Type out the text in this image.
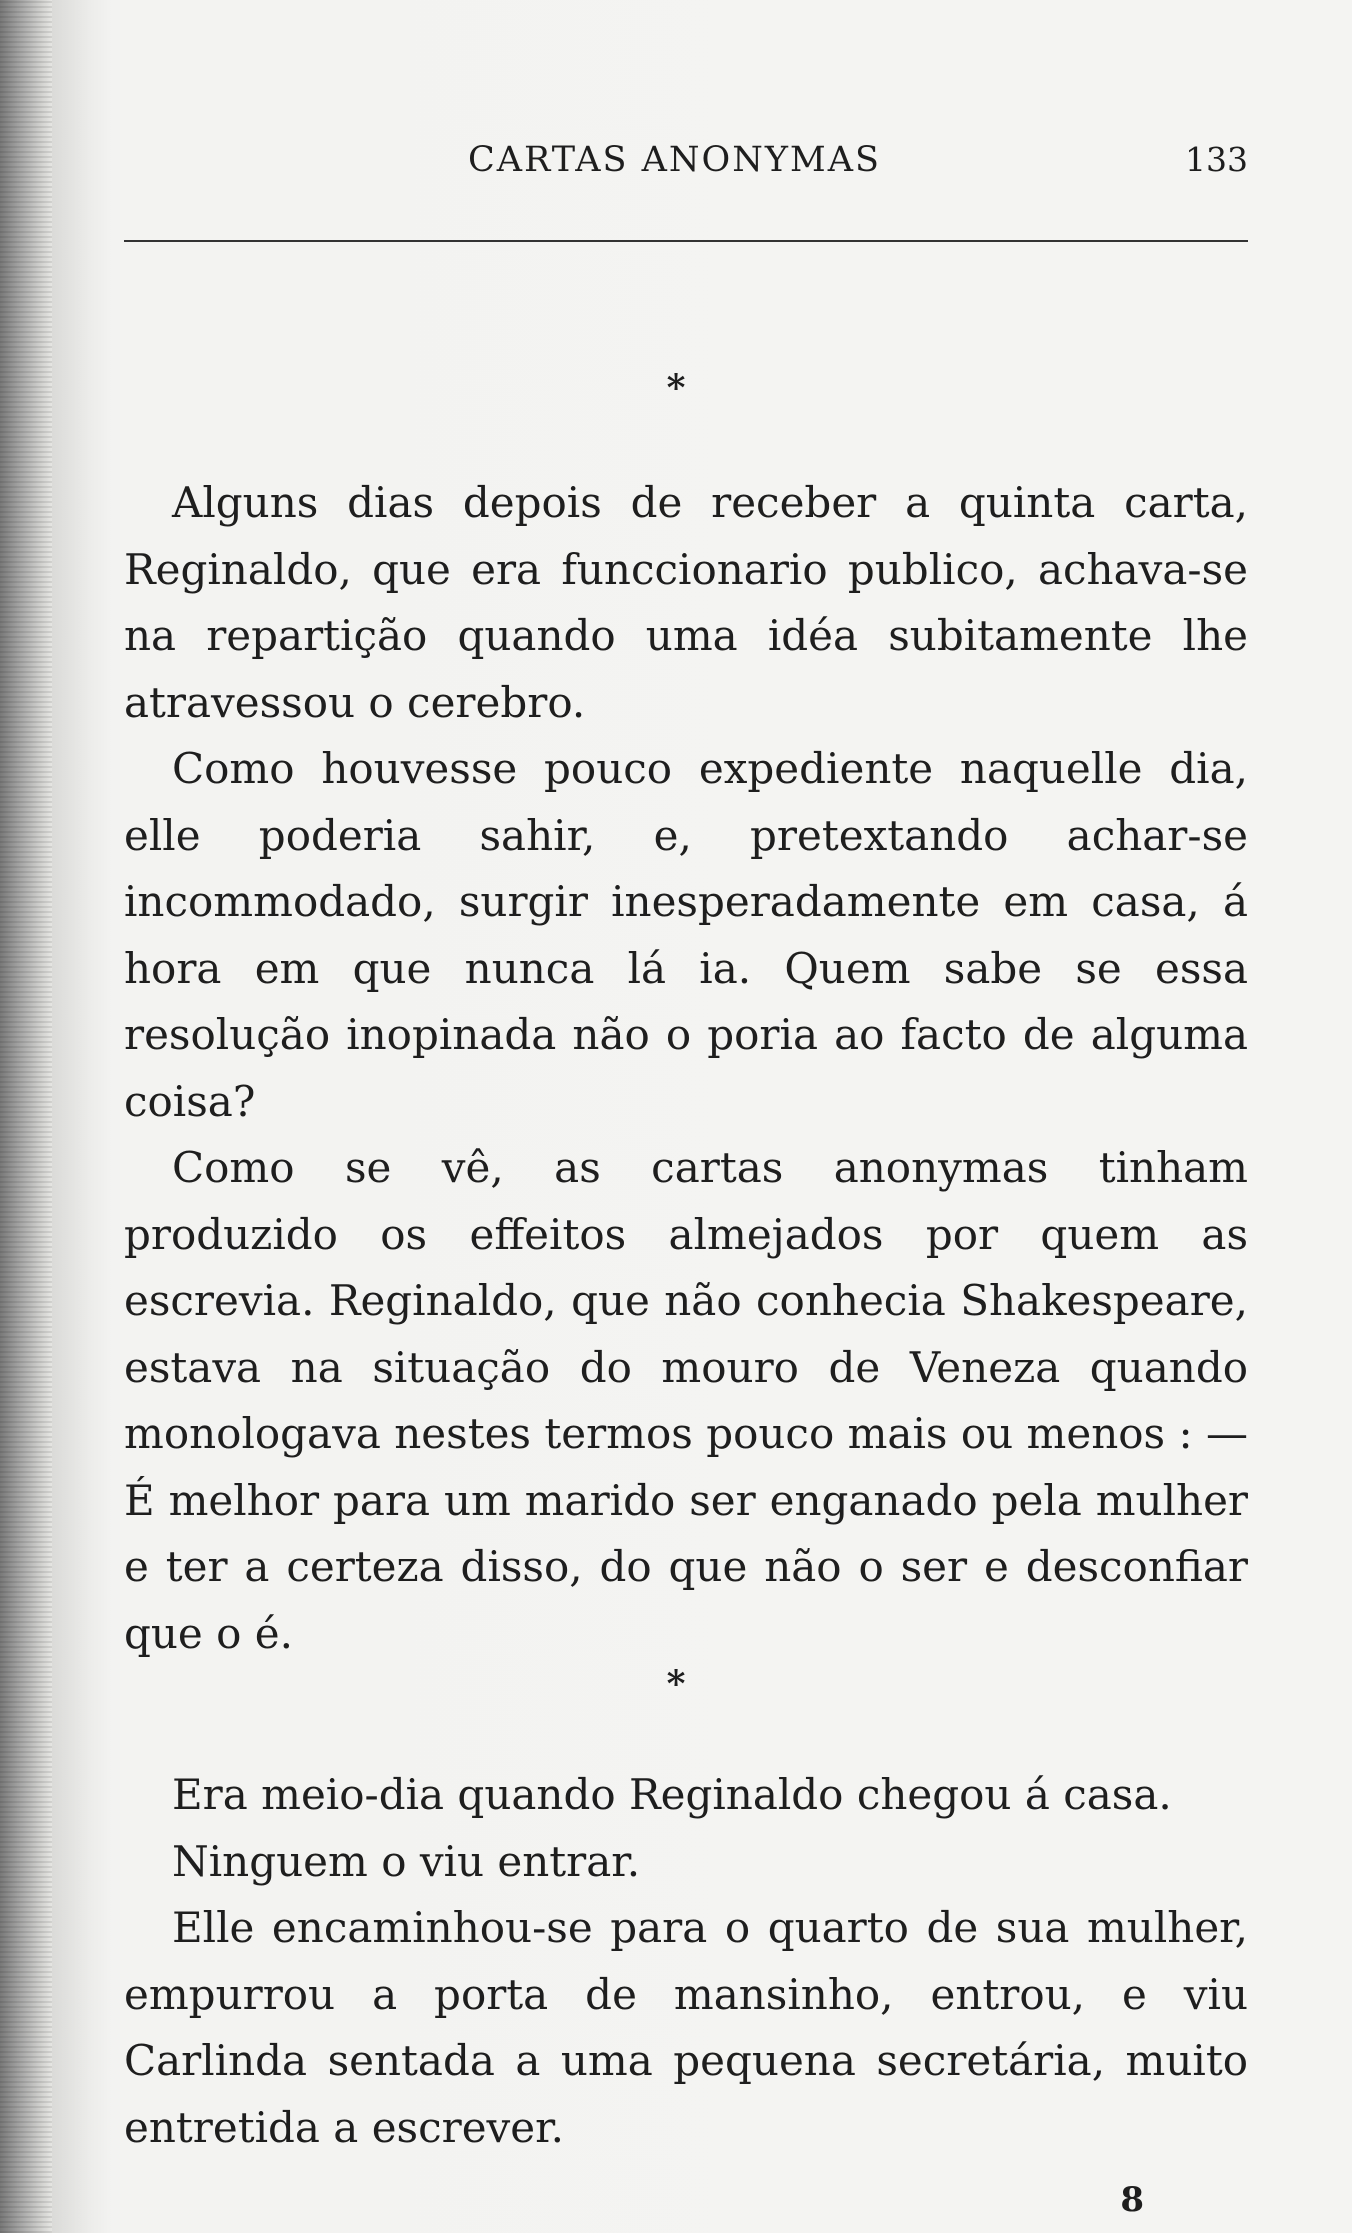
CARTAS ANONYMAS	133
*

Alguns dias depois de receber a quinta carta, Reginaldo, que era funccionario publico, achava-se na repartição quando uma idéa subitamente lhe atravessou o cerebro.

Como houvesse pouco expediente naquelle dia, elle poderia sahir, e, pretextando achar-se incommodado, surgir inesperadamente em casa, á hora em que nunca lá ia. Quem sabe se essa resolução inopinada não o poria ao facto de alguma coisa?

Como se vê, as cartas anonymas tinham produzido os effeitos almejados por quem as escrevia. Reginaldo, que não conhecia Shakespeare, estava na situação do mouro de Veneza quando monologava nestes termos pouco mais ou menos : — É melhor para um marido ser enganado pela mulher e ter a certeza disso, do que não o ser e desconfiar que o é.

*

Era meio-dia quando Reginaldo chegou á casa.

Ninguem o viu entrar.

Elle encaminhou-se para o quarto de sua mulher, empurrou a porta de mansinho, entrou, e viu Carlinda sentada a uma pequena secretária, muito entretida a escrever.

8
